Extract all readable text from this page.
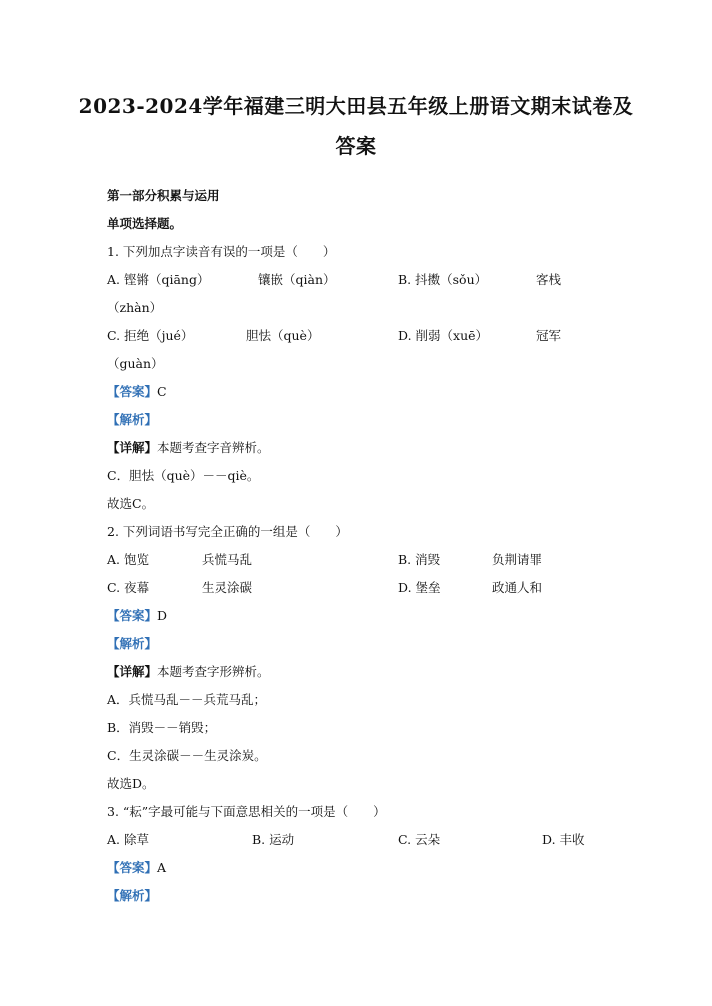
2023-2024学年福建三明大田县五年级上册语文期末试卷及
答案
第一部分积累与运用
单项选择题。
1. 下列加点字读音有误的一项是（　　）
A. 铿锵（qiāng）	镶嵌（qiàn）	B. 抖擞（sǒu）	客栈
（zhàn）
C. 拒绝（jué）	胆怯（què）	D. 削弱（xuē）	冠军
（guàn）
【答案】C
【解析】
【详解】本题考查字音辨析。
C．胆怯（què）－－qiè。
故选C。
2. 下列词语书写完全正确的一组是（　　）
A. 饱览	兵慌马乱	B. 消毁	负荆请罪
C. 夜幕	生灵涂碳	D. 堡垒	政通人和
【答案】D
【解析】
【详解】本题考查字形辨析。
A．兵慌马乱－－兵荒马乱；
B．消毁－－销毁；
C．生灵涂碳－－生灵涂炭。
故选D。
3. “耘”字最可能与下面意思相关的一项是（　　）
A. 除草	B. 运动	C. 云朵	D. 丰收
【答案】A
【解析】
